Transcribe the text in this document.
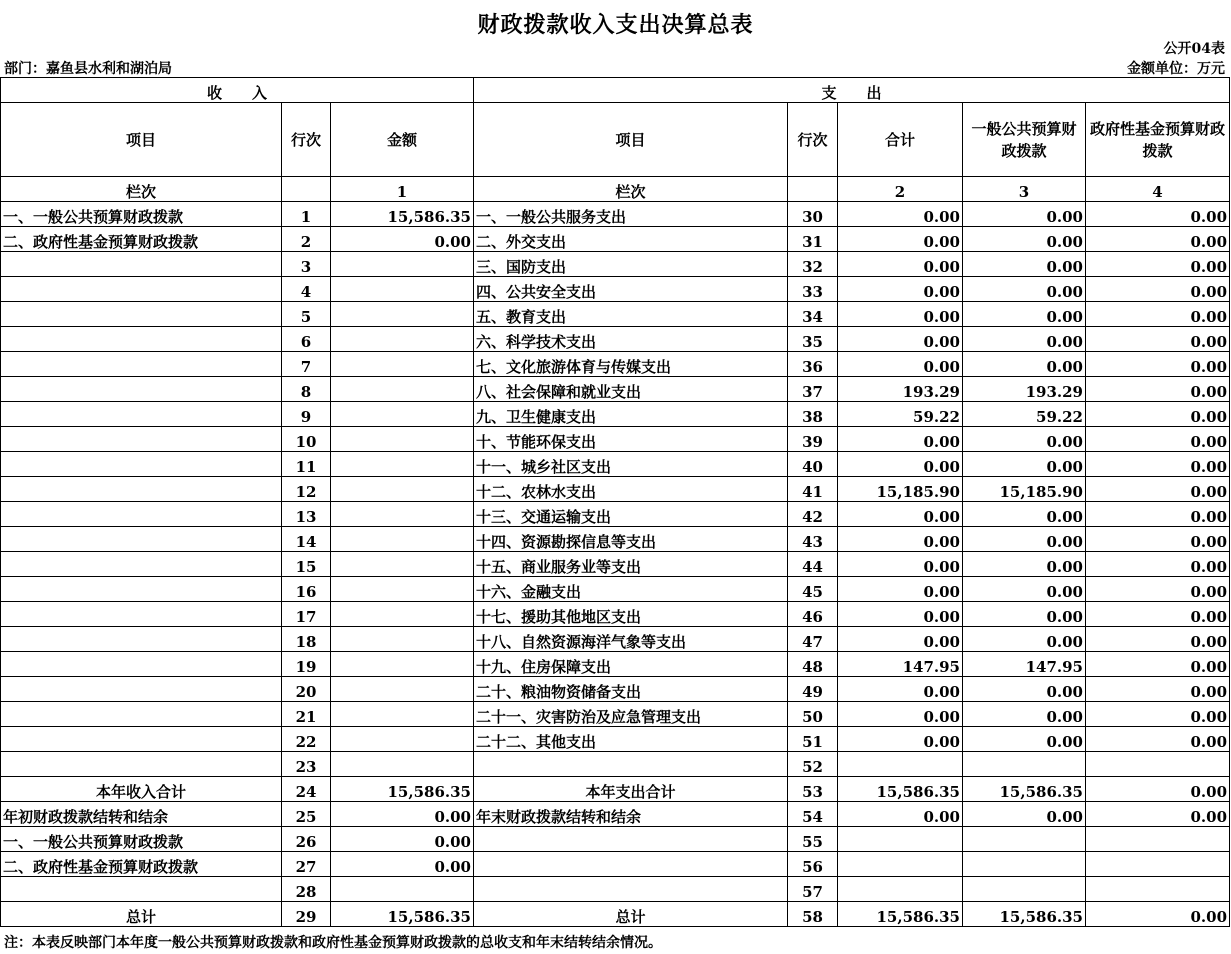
财政拨款收入支出决算总表
公开04表
部门：嘉鱼县水利和湖泊局	金额单位：万元
收　　入			支　　出				
项目	行次	金额	项目	行次	合计	一般公共预算财政拨款	政府性基金预算财政拨款
栏次		1	栏次		2	3	4
一、一般公共预算财政拨款	1	15,586.35	一、一般公共服务支出	30	0.00	0.00	0.00
二、政府性基金预算财政拨款	2	0.00	二、外交支出	31	0.00	0.00	0.00
	3		三、国防支出	32	0.00	0.00	0.00
	4		四、公共安全支出	33	0.00	0.00	0.00
	5		五、教育支出	34	0.00	0.00	0.00
	6		六、科学技术支出	35	0.00	0.00	0.00
	7		七、文化旅游体育与传媒支出	36	0.00	0.00	0.00
	8		八、社会保障和就业支出	37	193.29	193.29	0.00
	9		九、卫生健康支出	38	59.22	59.22	0.00
	10		十、节能环保支出	39	0.00	0.00	0.00
	11		十一、城乡社区支出	40	0.00	0.00	0.00
	12		十二、农林水支出	41	15,185.90	15,185.90	0.00
	13		十三、交通运输支出	42	0.00	0.00	0.00
	14		十四、资源勘探信息等支出	43	0.00	0.00	0.00
	15		十五、商业服务业等支出	44	0.00	0.00	0.00
	16		十六、金融支出	45	0.00	0.00	0.00
	17		十七、援助其他地区支出	46	0.00	0.00	0.00
	18		十八、自然资源海洋气象等支出	47	0.00	0.00	0.00
	19		十九、住房保障支出	48	147.95	147.95	0.00
	20		二十、粮油物资储备支出	49	0.00	0.00	0.00
	21		二十一、灾害防治及应急管理支出	50	0.00	0.00	0.00
	22		二十二、其他支出	51	0.00	0.00	0.00
	23			52			
本年收入合计	24	15,586.35	本年支出合计	53	15,586.35	15,586.35	0.00
年初财政拨款结转和结余	25	0.00	年末财政拨款结转和结余	54	0.00	0.00	0.00
一、一般公共预算财政拨款	26	0.00		55			
二、政府性基金预算财政拨款	27	0.00		56			
	28			57			
总计	29	15,586.35	总计	58	15,586.35	15,586.35	0.00
注：本表反映部门本年度一般公共预算财政拨款和政府性基金预算财政拨款的总收支和年末结转结余情况。
